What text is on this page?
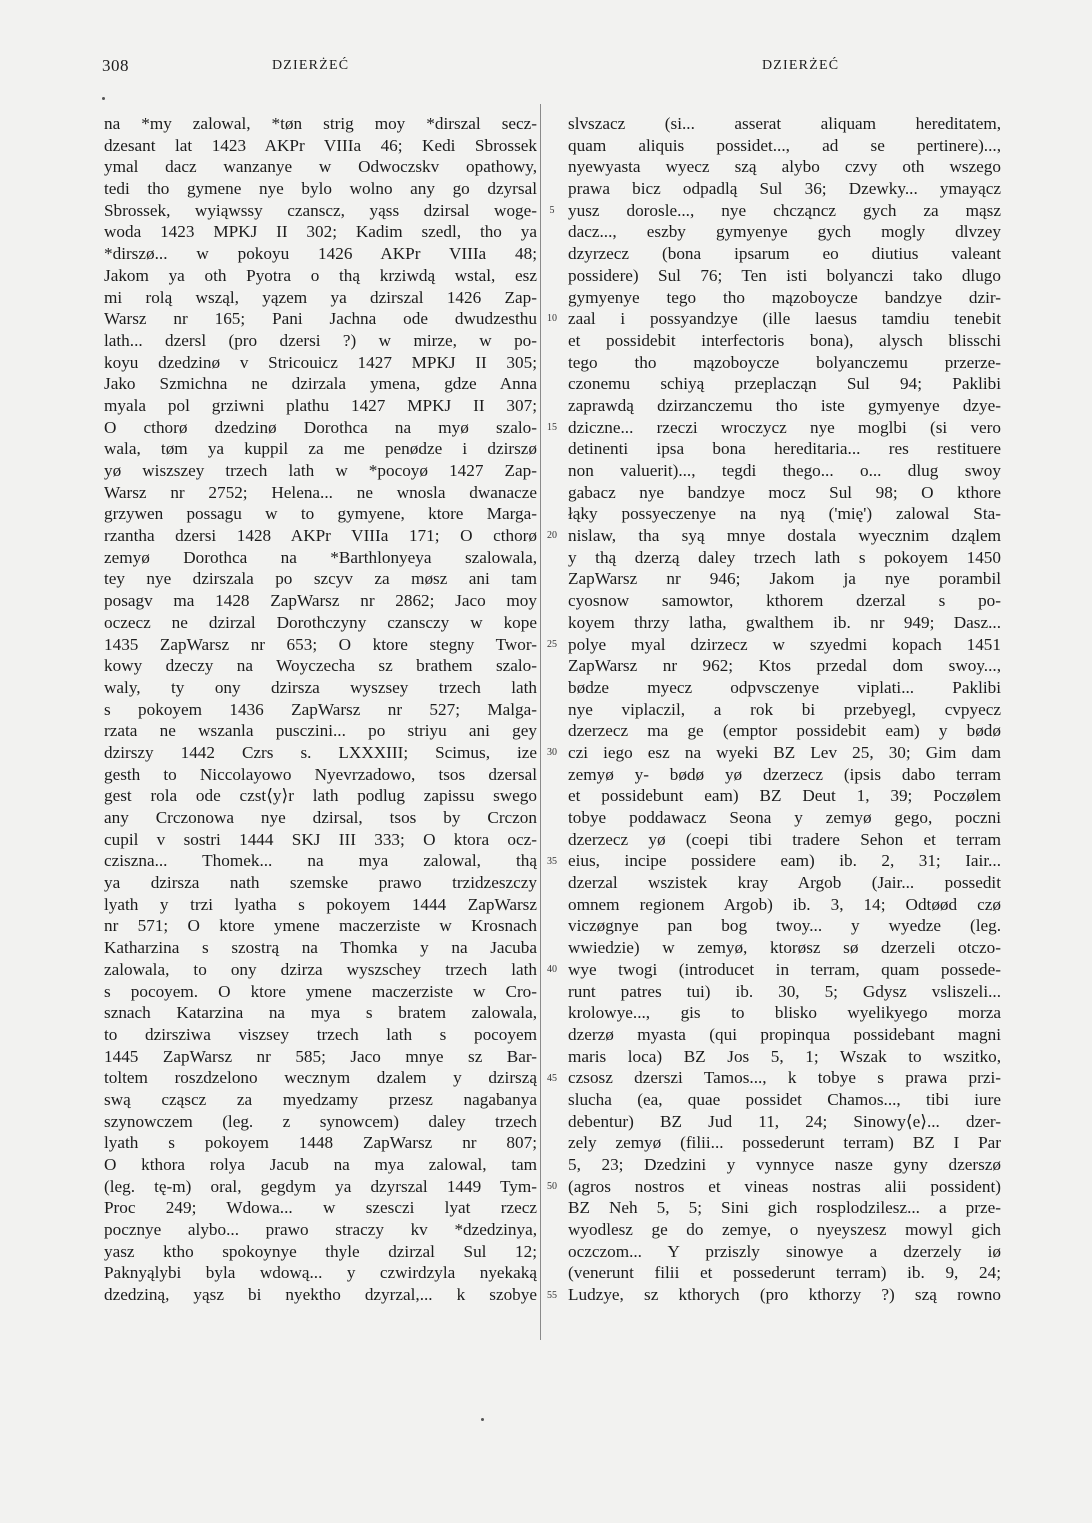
308	DZIERŻEĆ	DZIERŻEĆ
na *my zalowal, *tøn strig moy *dirszal secz-
dzesant lat 1423 AKPr VIIIa 46; Kedi Sbrossek
ymal dacz wanzanye w Odwoczskv opathowy,
tedi tho gymene nye bylo wolno any go dzyrsal
Sbrossek, wyiąwssy czanscz, yąss dzirsal woge-
woda 1423 MPKJ II 302; Kadim szedl, tho ya
*dirszø... w pokoyu 1426 AKPr VIIIa 48;
Jakom ya oth Pyotra o thą krziwdą wstal, esz
mi rolą wsząl, yązem ya dzirszal 1426 Zap-
Warsz nr 165; Pani Jachna ode dwudzesthu
lath... dzersl (pro dzersi ?) w mirze, w po-
koyu dzedzinø v Stricouicz 1427 MPKJ II 305;
Jako Szmichna ne dzirzala ymena, gdze Anna
myala pol grziwni plathu 1427 MPKJ II 307;
O cthorø dzedzinø Dorothca na myø szalo-
wala, tøm ya kuppil za me penødze i dzirszø
yø wiszszey trzech lath w *pocoyø 1427 Zap-
Warsz nr 2752; Helena... ne wnosla dwanacze
grzywen possagu w to gymyene, ktore Marga-
rzantha dzersi 1428 AKPr VIIIa 171; O cthorø
zemyø Dorothca na *Barthlonyeya szalowala,
tey nye dzirszala po szcyv za møsz ani tam
posagv ma 1428 ZapWarsz nr 2862; Jaco moy
oczecz ne dzirzal Dorothczyny czansczy w kope
1435 ZapWarsz nr 653; O ktore stegny Twor-
kowy dzeczy na Woyczecha sz brathem szalo-
waly, ty ony dzirsza wyszsey trzech lath
s pokoyem 1436 ZapWarsz nr 527; Malga-
rzata ne wszanla pusczini... po striyu ani gey
dzirszy 1442 Czrs s. LXXXIII; Scimus, ize
gesth to Niccolayowo Nyevrzadowo, tsos dzersal
gest rola ode czst⟨y⟩r lath podlug zapissu swego
any Crczonowa nye dzirsal, tsos by Crczon
cupil v sostri 1444 SKJ III 333; O ktora ocz-
cziszna... Thomek... na mya zalowal, thą
ya dzirsza nath szemske prawo trzidzeszczy
lyath y trzi lyatha s pokoyem 1444 ZapWarsz
nr 571; O ktore ymene maczerziste w Krosnach
Katharzina s szostrą na Thomka y na Jacuba
zalowala, to ony dzirza wyszschey trzech lath
s pocoyem. O ktore ymene maczerziste w Cro-
sznach Katarzina na mya s bratem zalowala,
to dzirsziwa viszsey trzech lath s pocoyem
1445 ZapWarsz nr 585; Jaco mnye sz Bar-
toltem roszdzelono wecznym dzalem y dzirszą
swą cząscz za myedzamy przesz nagabanya
szynowczem (leg. z synowcem) daley trzech
lyath s pokoyem 1448 ZapWarsz nr 807;
O kthora rolya Jacub na mya zalowal, tam
(leg. tę-m) oral, gegdym ya dzyrszal 1449 Tym-
Proc 249; Wdowa... w szesczi lyat rzecz
pocznye alybo... prawo straczy kv *dzedzinya,
yasz ktho spokoynye thyle dzirzal Sul 12;
Paknyąlybi byla wdową... y czwirdzyla nyekaką
dzedziną, yąsz bi nyektho dzyrzal,... k szobye
5
10
15
20
25
30
35
40
45
50
55
slvszacz (si... asserat aliquam hereditatem,
quam aliquis possidet..., ad se pertinere)...,
nyewyasta wyecz szą alybo czvy oth wszego
prawa bicz odpadlą Sul 36; Dzewky... ymayącz
yusz dorosle..., nye chcząncz gych za mąsz
dacz..., eszby gymyenye gych mogly dlvzey
dzyrzecz (bona ipsarum eo diutius valeant
possidere) Sul 76; Ten isti bolyanczi tako dlugo
gymyenye tego tho mązoboycze bandzye dzir-
zaal i possyandzye (ille laesus tamdiu tenebit
et possidebit interfectoris bona), alysch blisschi
tego tho mązoboycze bolyanczemu przerze-
czonemu schiyą przeplacząn Sul 94; Paklibi
zaprawdą dzirzanczemu tho iste gymyenye dzye-
dziczne... rzeczi wroczycz nye moglbi (si vero
detinenti ipsa bona hereditaria... res restituere
non valuerit)..., tegdi thego... o... dlug swoy
gabacz nye bandzye mocz Sul 98; O kthore
łąky possyeczenye na nyą ('mię') zalowal Sta-
nislaw, tha syą mnye dostala wyecznim dząlem
y thą dzerzą daley trzech lath s pokoyem 1450
ZapWarsz nr 946; Jakom ja nye porambil
cyosnow samowtor, kthorem dzerzal s po-
koyem thrzy latha, gwalthem ib. nr 949; Dasz...
polye myal dzirzecz w szyedmi kopach 1451
ZapWarsz nr 962; Ktos przedal dom swoy...,
bødze myecz odpvsczenye viplati... Paklibi
nye viplaczil, a rok bi przebyegl, cvpyecz
dzerzecz ma ge (emptor possidebit eam) y bødø
czi iego esz na wyeki BZ Lev 25, 30; Gim dam
zemyø y- bødø yø dzerzecz (ipsis dabo terram
et possidebunt eam) BZ Deut 1, 39; Poczølem
tobye poddawacz Seona y zemyø gego, poczni
dzerzecz yø (coepi tibi tradere Sehon et terram
eius, incipe possidere eam) ib. 2, 31; Iair...
dzerzal wszistek kray Argob (Jair... possedit
omnem regionem Argob) ib. 3, 14; Odtøød czø
viczøgnye pan bog twoy... y wyedze (leg.
wwiedzie) w zemyø, ktorøsz sø dzerzeli otczo-
wye twogi (introducet in terram, quam possede-
runt patres tui) ib. 30, 5; Gdysz vsliszeli...
krolowye..., gis to blisko wyelikyego morza
dzerzø myasta (qui propinqua possidebant magni
maris loca) BZ Jos 5, 1; Wszak to wszitko,
czsosz dzerszi Tamos..., k tobye s prawa przi-
slucha (ea, quae possidet Chamos..., tibi iure
debentur) BZ Jud 11, 24; Sinowy⟨e⟩... dzer-
zely zemyø (filii... possederunt terram) BZ I Par
5, 23; Dzedzini y vynnyce nasze gyny dzerszø
(agros nostros et vineas nostras alii possident)
BZ Neh 5, 5; Sini gich rosplodzilesz... a prze-
wyodlesz ge do zemye, o nyeyszesz mowyl gich
oczczom... Y prziszly sinowye a dzerzely iø
(venerunt filii et possederunt terram) ib. 9, 24;
Ludzye, sz kthorych (pro kthorzy ?) szą rowno
